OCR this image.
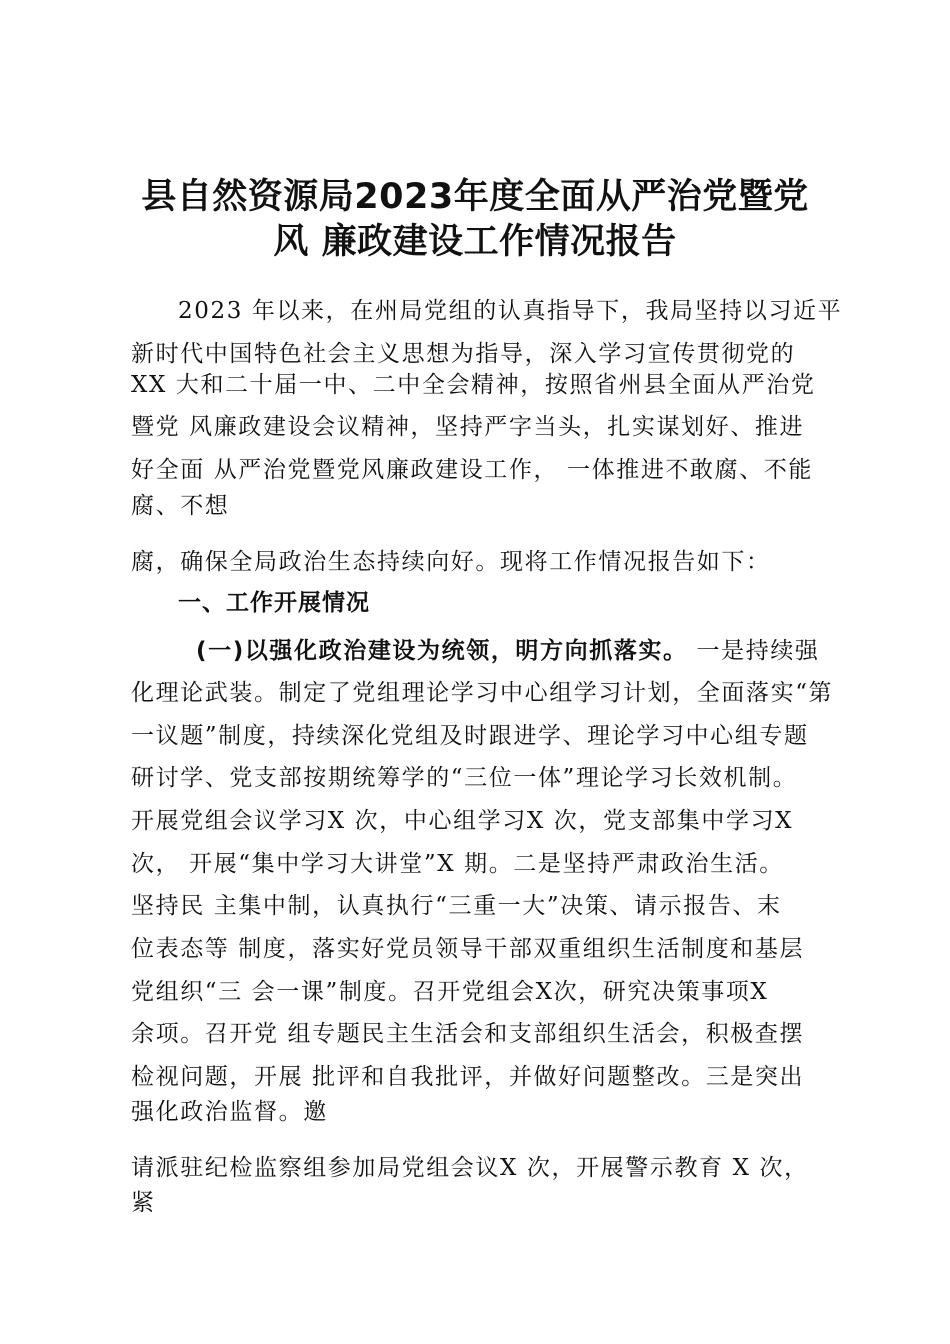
县自然资源局2023年度全面从严治党暨党
风 廉政建设工作情况报告
2023 年以来，在州局党组的认真指导下，我局坚持以习近平
新时代中国特色社会主义思想为指导，深入学习宣传贯彻党的
XX 大和二十届一中、二中全会精神，按照省州县全面从严治党
暨党 风廉政建设会议精神，坚持严字当头，扎实谋划好、推进
好全面 从严治党暨党风廉政建设工作， 一体推进不敢腐、不能
腐、不想
腐，确保全局政治生态持续向好。现将工作情况报告如下：
一、工作开展情况
(一)以强化政治建设为统领，明方向抓落实。 一是持续强
化理论武装。制定了党组理论学习中心组学习计划，全面落实“第
一议题”制度，持续深化党组及时跟进学、理论学习中心组专题
研讨学、党支部按期统筹学的“三位一体”理论学习长效机制。
开展党组会议学习X 次，中心组学习X 次，党支部集中学习X
次， 开展“集中学习大讲堂”X 期。二是坚持严肃政治生活。
坚持民 主集中制，认真执行“三重一大”决策、请示报告、末
位表态等 制度，落实好党员领导干部双重组织生活制度和基层
党组织“三 会一课”制度。召开党组会X次，研究决策事项X
余项。召开党 组专题民主生活会和支部组织生活会，积极查摆
检视问题，开展 批评和自我批评，并做好问题整改。三是突出
强化政治监督。邀
请派驻纪检监察组参加局党组会议X 次，开展警示教育 X 次，
紧
